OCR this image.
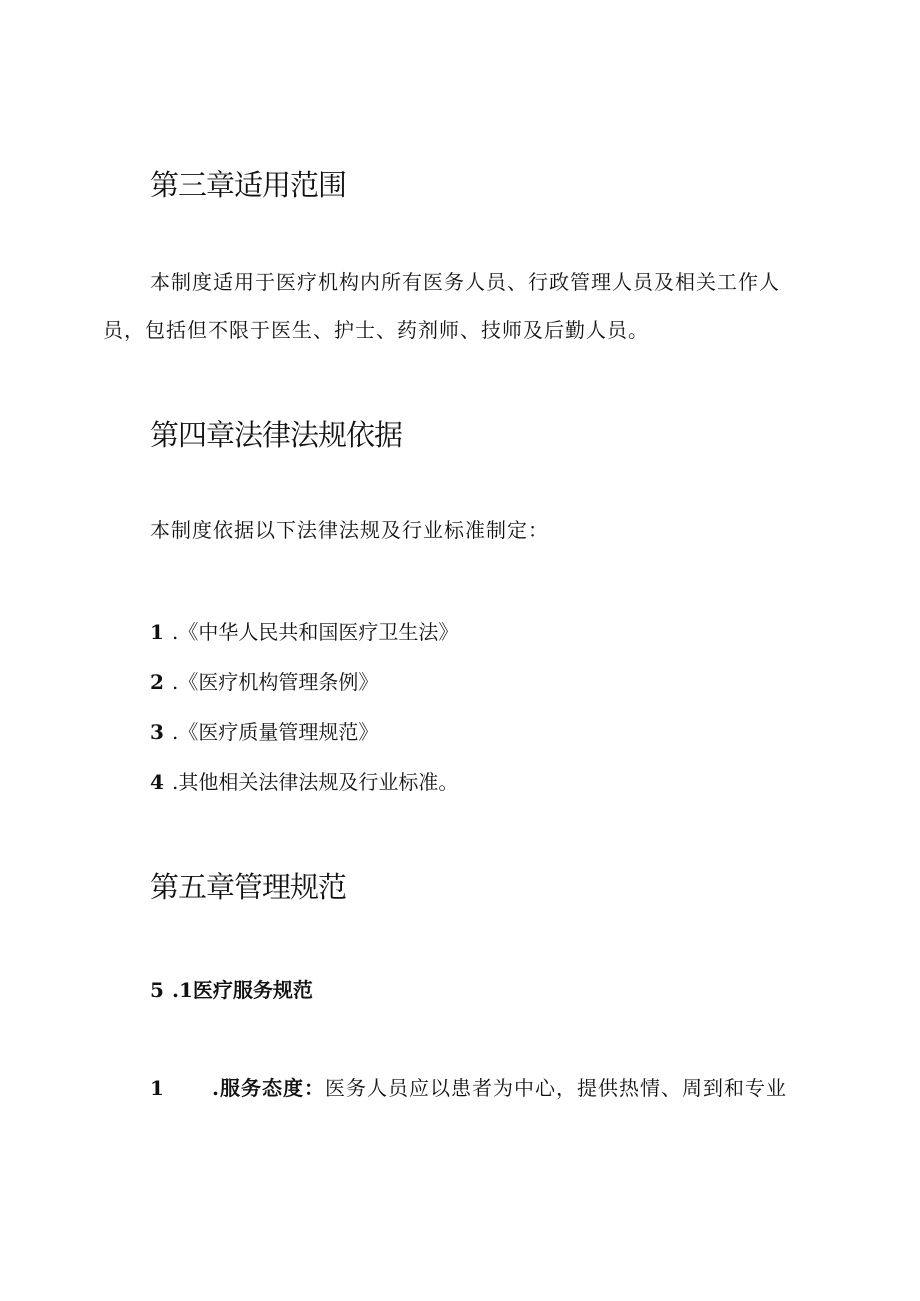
第三章适用范围

本制度适用于医疗机构内所有医务人员、行政管理人员及相关工作人

员，包括但不限于医生、护士、药剂师、技师及后勤人员。

第四章法律法规依据

本制度依据以下法律法规及行业标准制定：

1 .《中华人民共和国医疗卫生法》

2 .《医疗机构管理条例》

3 .《医疗质量管理规范》

4 .其他相关法律法规及行业标准。

第五章管理规范

5 .1医疗服务规范

1 .服务态度：医务人员应以患者为中心，提供热情、周到和专业
